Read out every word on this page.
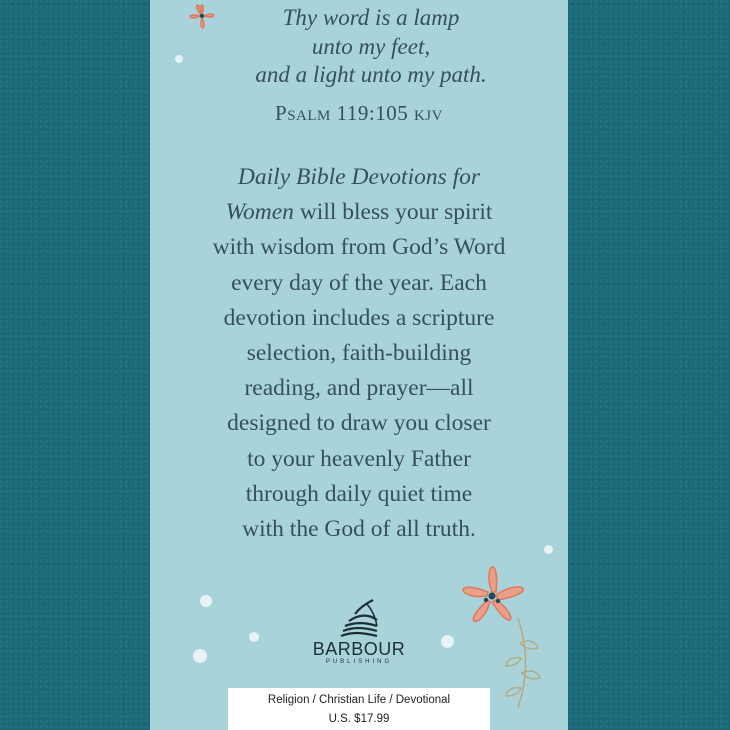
Thy word is a lamp

unto my feet,

and a light unto my path.

Psalm 119:105 kjv

Daily Bible Devotions for
Women will bless your spirit
with wisdom from God’s Word
every day of the year. Each
devotion includes a scripture
selection, faith-building
reading, and prayer—all
designed to draw you closer
to your heavenly Father
through daily quiet time
with the God of all truth.

BARBOUR
PUBLISHING
Religion / Christian Life / Devotional
U.S. $17.99
